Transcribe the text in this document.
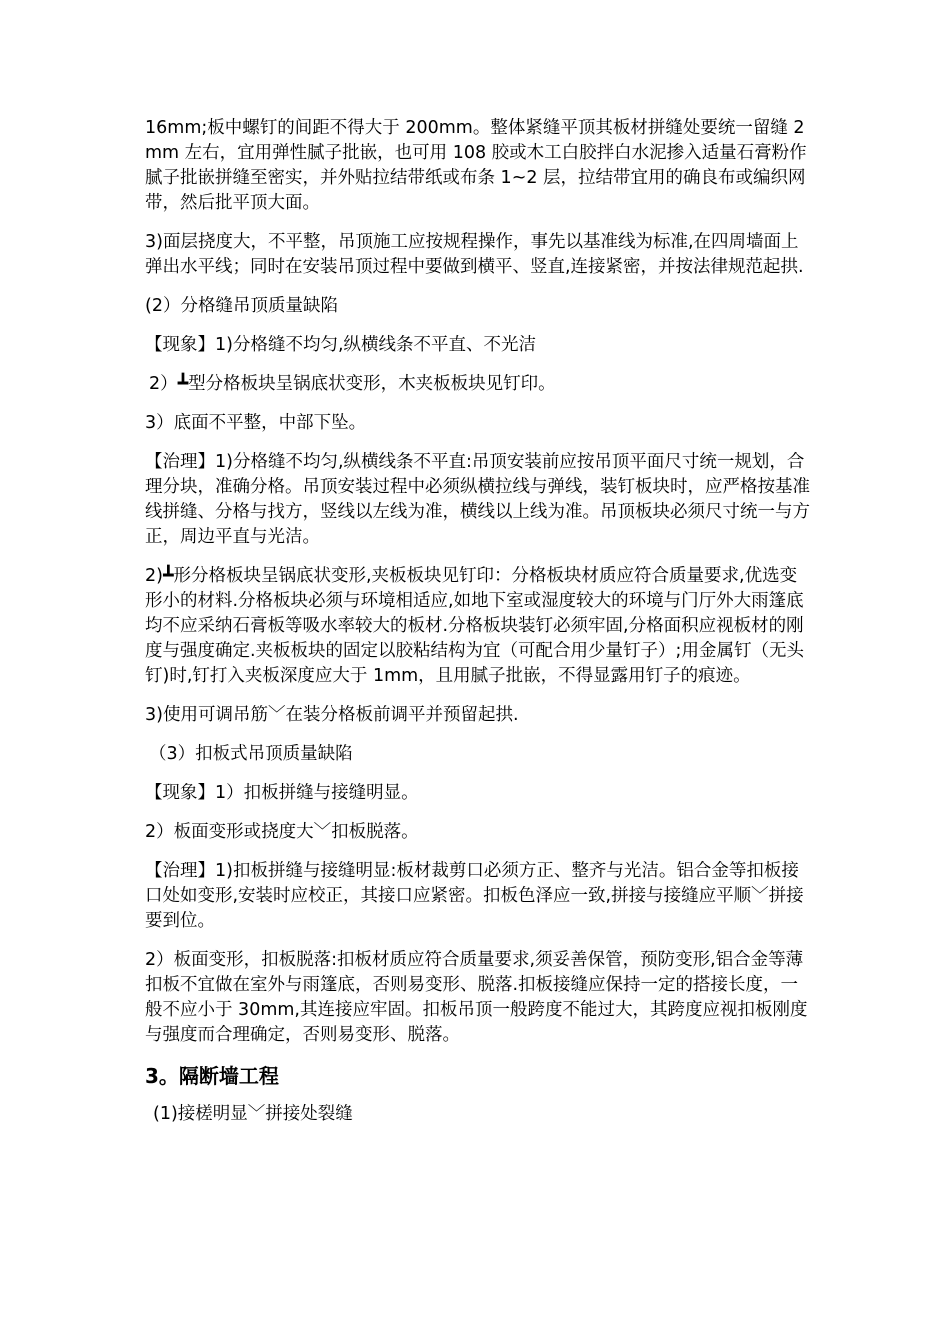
16mm;板中螺钉的间距不得大于 200mm。整体紧缝平顶其板材拼缝处要统一留缝 2mm 左右，宜用弹性腻子批嵌，也可用 108 胶或木工白胶拌白水泥掺入适量石膏粉作腻子批嵌拼缝至密实，并外贴拉结带纸或布条 1~2 层，拉结带宜用的确良布或编织网带，然后批平顶大面。

3)面层挠度大，不平整，吊顶施工应按规程操作，事先以基准线为标准,在四周墙面上弹出水平线；同时在安装吊顶过程中要做到横平、竖直,连接紧密，并按法律规范起拱.

(2）分格缝吊顶质量缺陷

【现象】1)分格缝不均匀,纵横线条不平直、不光洁

2）┻型分格板块呈锅底状变形，木夹板板块见钉印。

3）底面不平整，中部下坠。

【治理】1)分格缝不均匀,纵横线条不平直:吊顶安装前应按吊顶平面尺寸统一规划，合理分块，准确分格。吊顶安装过程中必须纵横拉线与弹线，装钉板块时，应严格按基准线拼缝、分格与找方，竖线以左线为准，横线以上线为准。吊顶板块必须尺寸统一与方正，周边平直与光洁。

2)┻形分格板块呈锅底状变形,夹板板块见钉印：分格板块材质应符合质量要求,优选变形小的材料.分格板块必须与环境相适应,如地下室或湿度较大的环境与门厅外大雨篷底均不应采纳石膏板等吸水率较大的板材.分格板块装钉必须牢固,分格面积应视板材的刚度与强度确定.夹板板块的固定以胶粘结构为宜（可配合用少量钉子）;用金属钉（无头钉)时,钉打入夹板深度应大于 1mm，且用腻子批嵌，不得显露用钉子的痕迹。

3)使用可调吊筋﹀在装分格板前调平并预留起拱.

（3）扣板式吊顶质量缺陷

【现象】1）扣板拼缝与接缝明显。

2）板面变形或挠度大﹀扣板脱落。

【治理】1)扣板拼缝与接缝明显:板材裁剪口必须方正、整齐与光洁。铝合金等扣板接口处如变形,安装时应校正，其接口应紧密。扣板色泽应一致,拼接与接缝应平顺﹀拼接要到位。

2）板面变形，扣板脱落:扣板材质应符合质量要求,须妥善保管，预防变形,铝合金等薄扣板不宜做在室外与雨篷底，否则易变形、脱落.扣板接缝应保持一定的搭接长度，一般不应小于 30mm,其连接应牢固。扣板吊顶一般跨度不能过大，其跨度应视扣板刚度与强度而合理确定，否则易变形、脱落。

3。隔断墙工程

(1)接槎明显﹀拼接处裂缝
